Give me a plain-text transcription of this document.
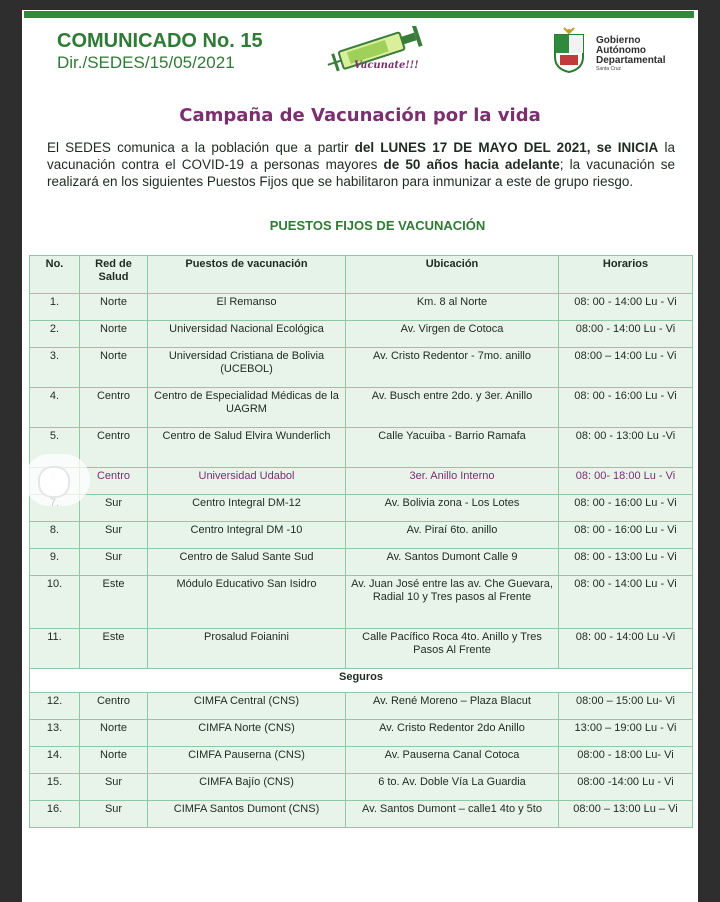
COMUNICADO No. 15
Dir./SEDES/15/05/2021	Vacunate!!!
Gobierno
Autónomo
Departamental
Santa Cruz
Campaña de Vacunación por la vida
El SEDES comunica a la población que a partir del LUNES 17 DE MAYO DEL 2021, se INICIA la vacunación contra el COVID-19 a personas mayores de 50 años hacia adelante; la vacunación se realizará en los siguientes Puestos Fijos que se habilitaron para inmunizar a este de grupo riesgo.
PUESTOS FIJOS DE VACUNACIÓN
No.	Red de Salud	Puestos de vacunación	Ubicación	Horarios
1.	Norte	El Remanso	Km. 8 al Norte	08: 00 - 14:00 Lu - Vi
2.	Norte	Universidad Nacional Ecológica	Av. Virgen de Cotoca	08:00 - 14:00 Lu - Vi
3.	Norte	Universidad Cristiana de Bolivia (UCEBOL)	Av. Cristo Redentor - 7mo. anillo	08:00 – 14:00 Lu - Vi
4.	Centro	Centro de Especialidad Médicas de la UAGRM	Av. Busch entre 2do. y 3er. Anillo	08: 00 - 16:00 Lu - Vi
5.	Centro	Centro de Salud Elvira Wunderlich	Calle Yacuiba - Barrio Ramafa	08: 00 - 13:00 Lu -Vi
	Centro	Universidad Udabol	3er. Anillo Interno	08: 00- 18:00 Lu - Vi
	Sur	Centro Integral DM-12	Av. Bolivia zona - Los Lotes	08: 00 - 16:00 Lu - Vi
8.	Sur	Centro Integral DM -10	Av. Piraí 6to. anillo	08: 00 - 16:00 Lu - Vi
9.	Sur	Centro de Salud Sante Sud	Av. Santos Dumont Calle 9	08: 00 - 13:00 Lu - Vi
10.	Este	Módulo Educativo San Isidro	Av. Juan José entre las av. Che Guevara, Radial 10 y Tres pasos al Frente	08: 00 - 14:00 Lu - Vi
11.	Este	Prosalud Foianini	Calle Pacífico Roca 4to. Anillo y Tres Pasos Al Frente	08: 00 - 14:00 Lu -Vi
Seguros				
12.	Centro	CIMFA Central (CNS)	Av. René Moreno – Plaza Blacut	08:00 – 15:00 Lu- Vi
13.	Norte	CIMFA Norte (CNS)	Av. Cristo Redentor 2do Anillo	13:00 – 19:00 Lu - Vi
14.	Norte	CIMFA Pauserna (CNS)	Av. Pauserna Canal Cotoca	08:00 - 18:00 Lu- Vi
15.	Sur	CIMFA Bajío (CNS)	6 to. Av. Doble Vía La Guardia	08:00 -14:00 Lu - Vi
16.	Sur	CIMFA Santos Dumont (CNS)	Av. Santos Dumont – calle1 4to y 5to	08:00 – 13:00 Lu – Vi
